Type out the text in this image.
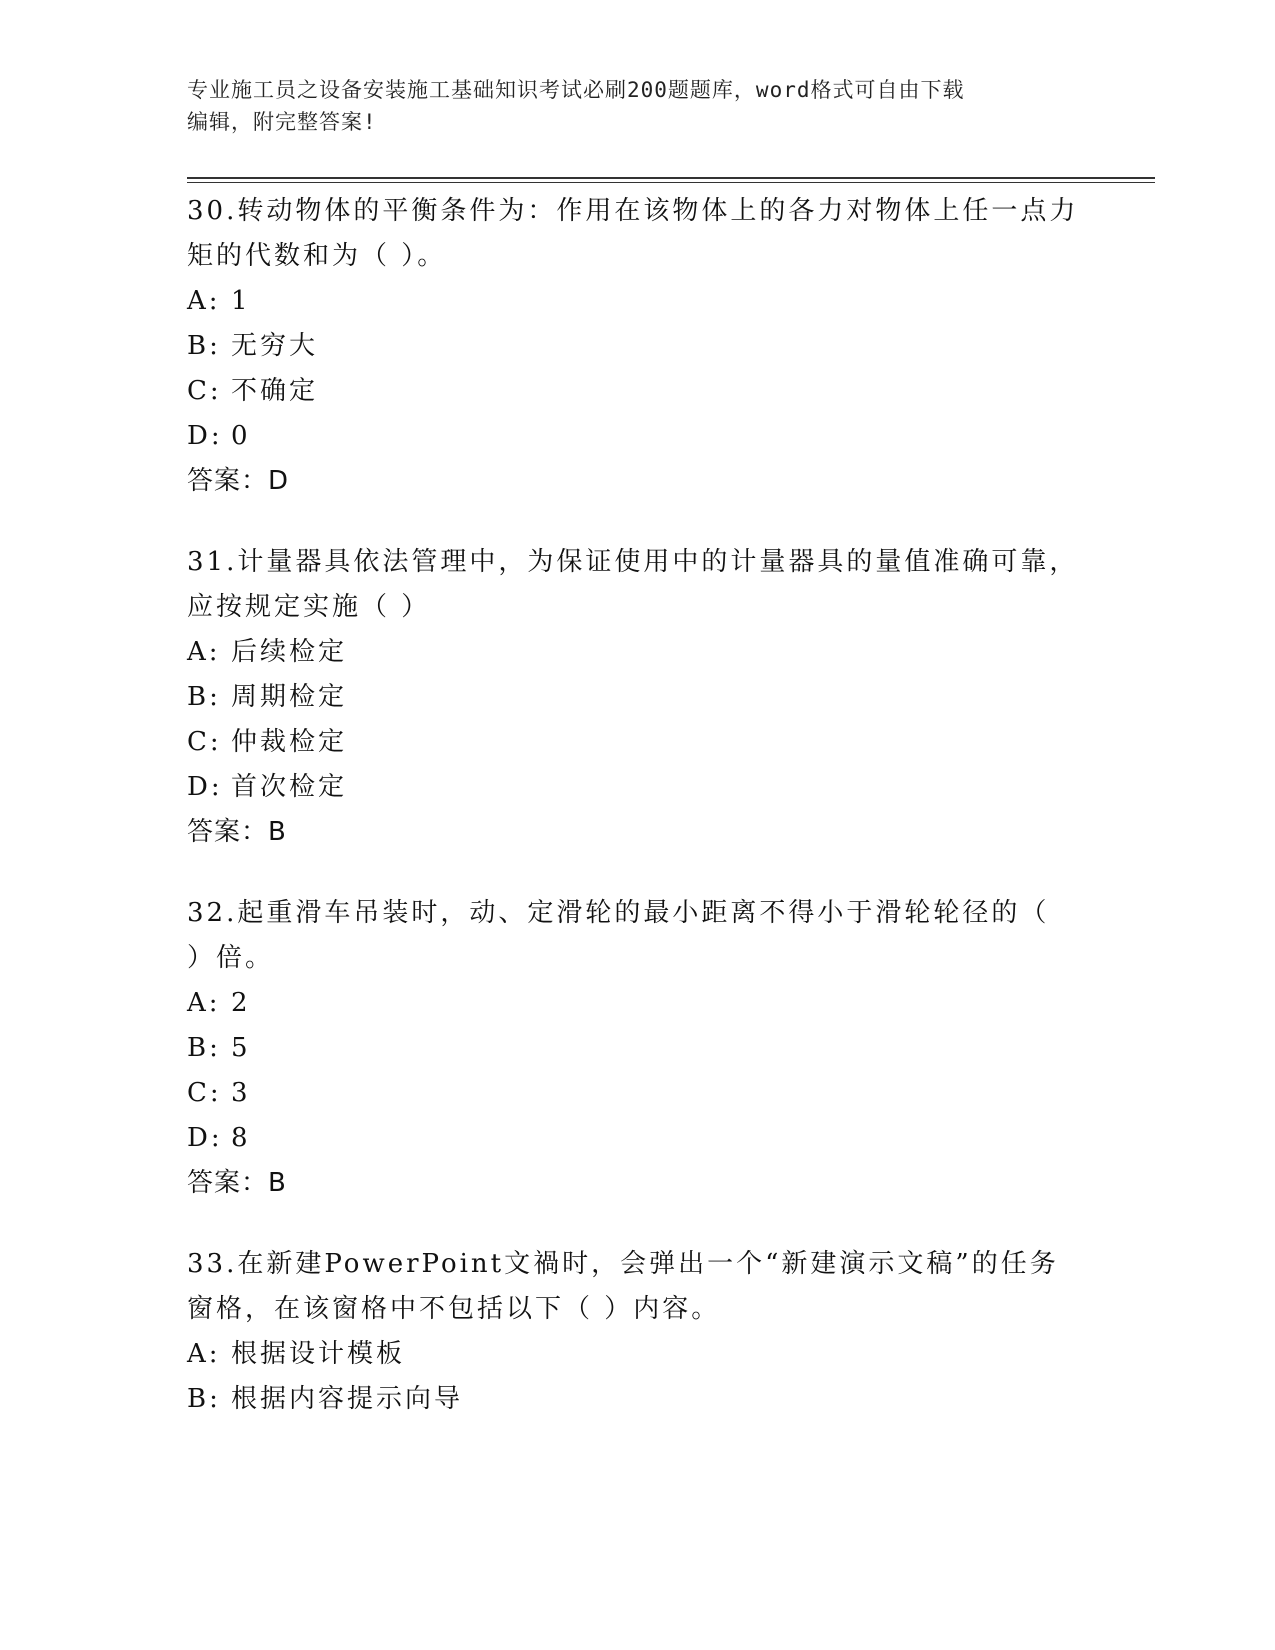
专业施工员之设备安装施工基础知识考试必刷200题题库，word格式可自由下载
编辑，附完整答案!
30.转动物体的平衡条件为：作用在该物体上的各力对物体上任一点力
矩的代数和为（ ）。
A: 1
B: 无穷大
C: 不确定
D: 0
答案：D
31.计量器具依法管理中，为保证使用中的计量器具的量值准确可靠，
应按规定实施（ ）
A: 后续检定
B: 周期检定
C: 仲裁检定
D: 首次检定
答案：B
32.起重滑车吊装时，动、定滑轮的最小距离不得小于滑轮轮径的（
）倍。
A: 2
B: 5
C: 3
D: 8
答案：B
33.在新建PowerPoint文禍时，会弹出一个“新建演示文稿”的任务
窗格，在该窗格中不包括以下（ ）内容。
A: 根据设计模板
B: 根据内容提示向导
